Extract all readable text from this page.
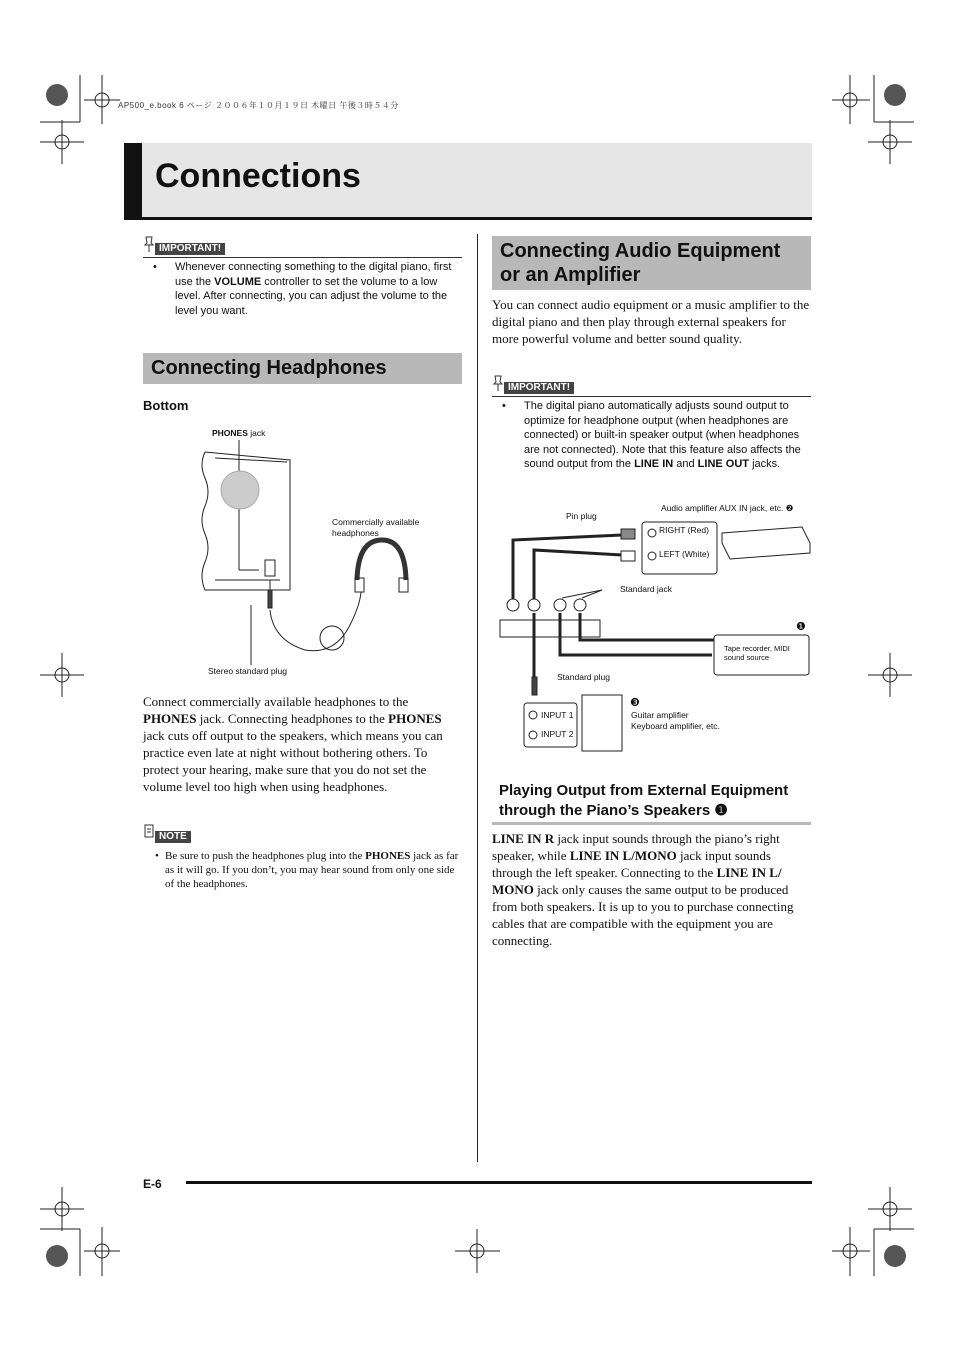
AP500_e.book 6 ページ ２００６年１０月１９日 木曜日 午後３時５４分
Connections
IMPORTANT!
• Whenever connecting something to the digital piano, first use the VOLUME controller to set the volume to a low level. After connecting, you can adjust the volume to the level you want.
Connecting Headphones
Bottom
PHONES jack
Commercially available headphones
Stereo standard plug
Connect commercially available headphones to the PHONES jack. Connecting headphones to the PHONES jack cuts off output to the speakers, which means you can practice even late at night without bothering others. To protect your hearing, make sure that you do not set the volume level too high when using headphones.
NOTE
• Be sure to push the headphones plug into the PHONES jack as far as it will go. If you don’t, you may hear sound from only one side of the headphones.
Connecting Audio Equipment or an Amplifier
You can connect audio equipment or a music amplifier to the digital piano and then play through external speakers for more powerful volume and better sound quality.
IMPORTANT!
• The digital piano automatically adjusts sound output to optimize for headphone output (when headphones are connected) or built-in speaker output (when headphones are not connected). Note that this feature also affects the sound output from the LINE IN and LINE OUT jacks.
Audio amplifier AUX IN jack, etc. ❷
Pin plug
RIGHT (Red)
LEFT (White)
Standard jack
❶
Tape recorder, MIDI sound source
Standard plug
❸
INPUT 1
INPUT 2
Guitar amplifier
Keyboard amplifier, etc.
Playing Output from External Equipment through the Piano’s Speakers ❶
LINE IN R jack input sounds through the piano’s right speaker, while LINE IN L/MONO jack input sounds through the left speaker. Connecting to the LINE IN L/ MONO jack only causes the same output to be produced from both speakers. It is up to you to purchase connecting cables that are compatible with the equipment you are connecting.
E-6
